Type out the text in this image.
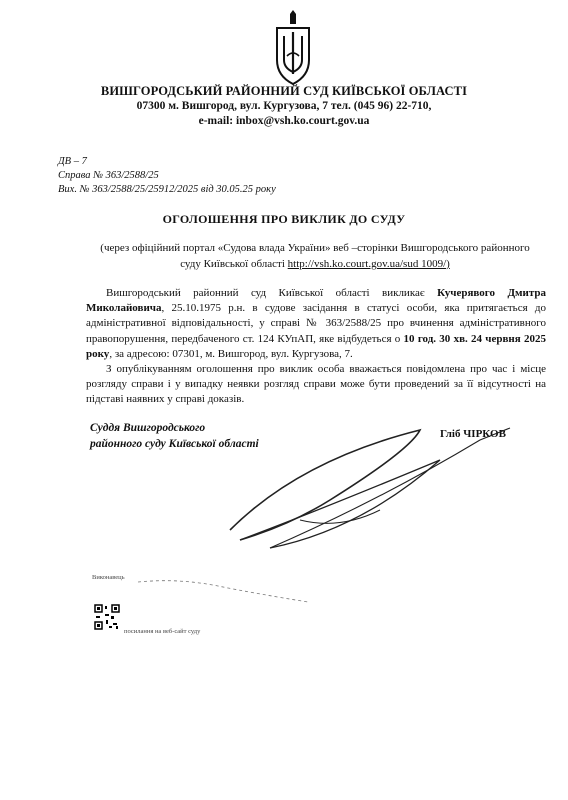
ВИШГОРОДСЬКИЙ РАЙОННИЙ СУД КИЇВСЬКОЇ ОБЛАСТІ
07300 м. Вишгород, вул. Кургузова, 7 тел. (045 96) 22-710,
e-mail: inbox@vsh.ko.court.gov.ua
ДВ – 7
Справа № 363/2588/25
Вих. № 363/2588/25/25912/2025 від 30.05.25 року
ОГОЛОШЕННЯ ПРО ВИКЛИК ДО СУДУ
(через офіційний портал «Судова влада України» веб –сторінки Вишгородського районного
суду Київської області http://vsh.ko.court.gov.ua/sud 1009/)

Вишгородський районний суд Київської області викликає Кучерявого Дмитра Миколайовича, 25.10.1975 р.н. в судове засідання в статусі особи, яка притягається до адміністративної відповідальності, у справі № 363/2588/25 про вчинення адміністративного правопорушення, передбаченого ст. 124 КУпАП, яке відбудеться о 10 год. 30 хв. 24 червня 2025 року, за адресою: 07301, м. Вишгород, вул. Кургузова, 7.

З опублікуванням оголошення про виклик особа вважається повідомлена про час і місце розгляду справи і у випадку неявки розгляд справи може бути проведений за її відсутності на підставі наявних у справі доказів.

Суддя Вишгородського
районного суду Київської області
Гліб ЧІРКОВ
Виконавець
посилання на веб-сайт суду
